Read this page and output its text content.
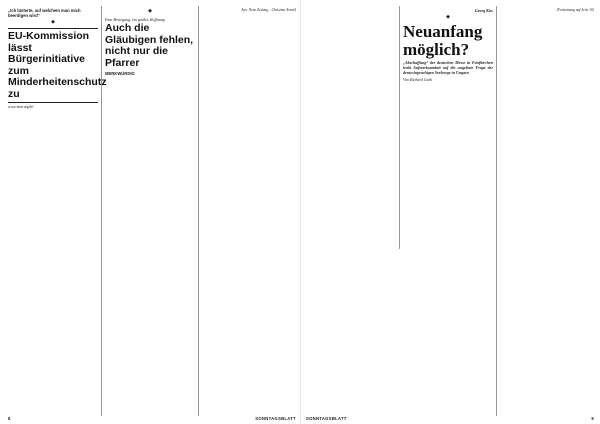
„Ich lüsterte, auf welchem man mich beerdigen wird“

◆
EU-Kommission lässt Bürgerinitiative zum Minderheitenschutz zu

www.fuen.org/de/

◆

Eine Bewegung, ein großes Hoffnung

Auch die Gläubigen fehlen, nicht nur die Pfarrer

MERKWÜRDIG

Aus: Neue Zeitung – Christina Arnold

8	SONNTAGSBLATT

Georg Kiss

◆
Neuanfang möglich?

„Abschaffung“ der deutschen Messe in Fünfkirchen lenkt Aufmerksamkeit auf die ungelöste Frage der deutschsprachigen Seelsorge in Ungarn

Von Richard Guth

(Fortsetzung auf Seite 10)

SONNTAGSBLATT	9
